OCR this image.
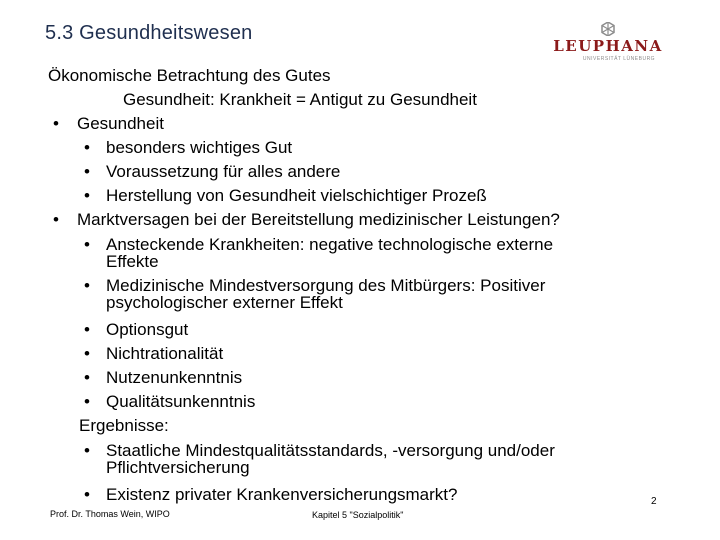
5.3 Gesundheitswesen
LEUPHANA
UNIVERSITÄT LÜNEBURG
Ökonomische Betrachtung des Gutes
Gesundheit: Krankheit = Antigut zu Gesundheit
• Gesundheit
• besonders wichtiges Gut
• Voraussetzung für alles andere
• Herstellung von Gesundheit vielschichtiger Prozeß
• Marktversagen bei der Bereitstellung medizinischer Leistungen?
• Ansteckende Krankheiten: negative technologische externe
Effekte
• Medizinische Mindestversorgung des Mitbürgers: Positiver
psychologischer externer Effekt
• Optionsgut
• Nichtrationalität
• Nutzenunkenntnis
• Qualitätsunkenntnis
Ergebnisse:
• Staatliche Mindestqualitätsstandards, -versorgung und/oder
Pflichtversicherung
• Existenz privater Krankenversicherungsmarkt?
Prof. Dr. Thomas Wein, WIPO	Kapitel 5 "Sozialpolitik"
2
